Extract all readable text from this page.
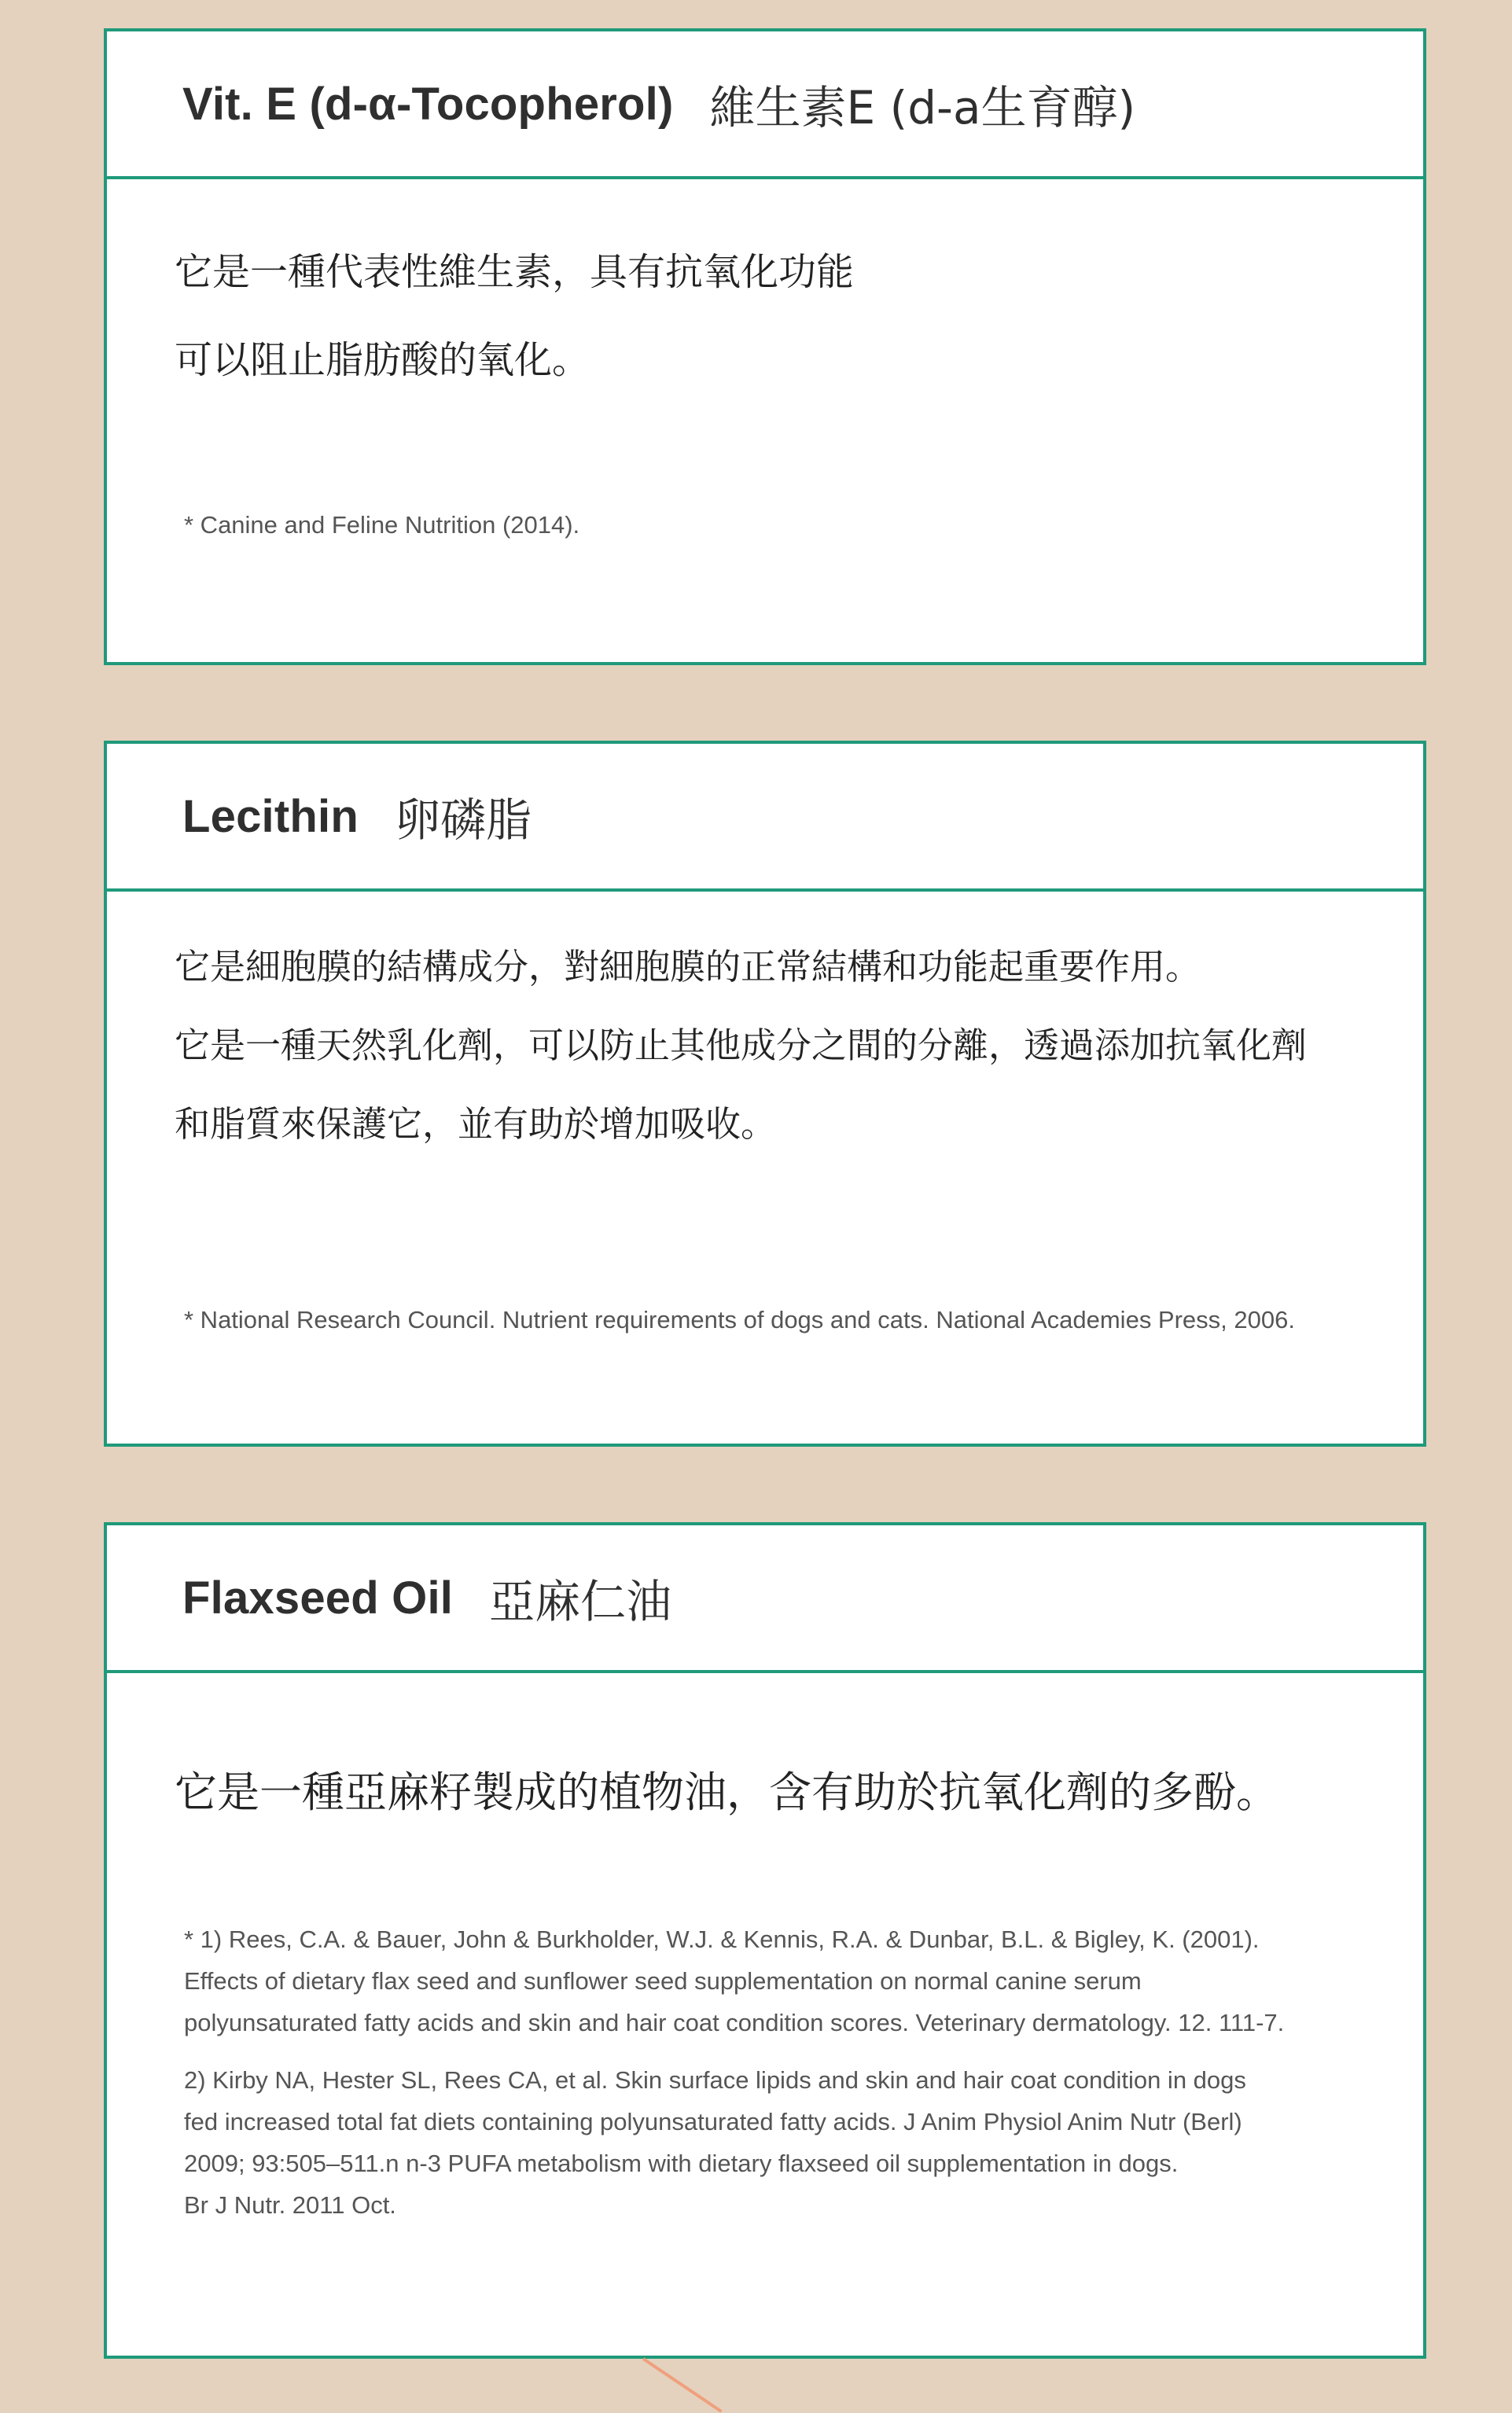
Vit. E (d-α-Tocopherol) 維生素E (d-a生育醇)
它是一種代表性維生素，具有抗氧化功能
可以阻止脂肪酸的氧化。
* Canine and Feline Nutrition (2014).
Lecithin 卵磷脂
它是細胞膜的結構成分，對細胞膜的正常結構和功能起重要作用。
它是一種天然乳化劑，可以防止其他成分之間的分離，透過添加抗氧化劑
和脂質來保護它，並有助於增加吸收。
* National Research Council. Nutrient requirements of dogs and cats. National Academies Press, 2006.
Flaxseed Oil 亞麻仁油
它是一種亞麻籽製成的植物油，含有助於抗氧化劑的多酚。
* 1) Rees, C.A. & Bauer, John & Burkholder, W.J. & Kennis, R.A. & Dunbar, B.L. & Bigley, K. (2001).
Effects of dietary flax seed and sunflower seed supplementation on normal canine serum
polyunsaturated fatty acids and skin and hair coat condition scores. Veterinary dermatology. 12. 111-7.
2) Kirby NA, Hester SL, Rees CA, et al. Skin surface lipids and skin and hair coat condition in dogs
fed increased total fat diets containing polyunsaturated fatty acids. J Anim Physiol Anim Nutr (Berl)
2009; 93:505–511.n n-3 PUFA metabolism with dietary flaxseed oil supplementation in dogs.
Br J Nutr. 2011 Oct.
